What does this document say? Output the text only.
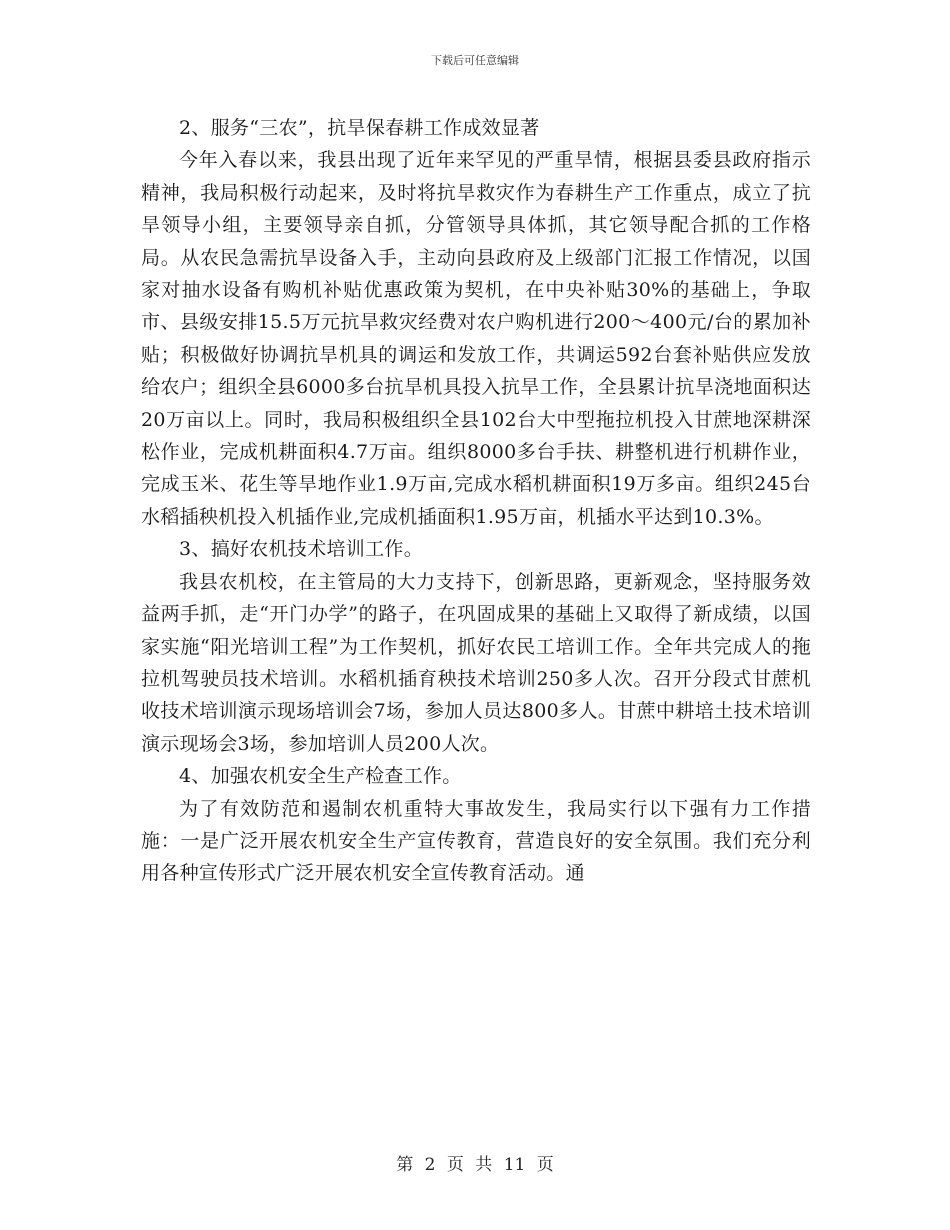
下载后可任意编辑

2、服务“三农”，抗旱保春耕工作成效显著

今年入春以来，我县出现了近年来罕见的严重旱情，根据县委县政府指示精神，我局积极行动起来，及时将抗旱救灾作为春耕生产工作重点，成立了抗旱领导小组，主要领导亲自抓，分管领导具体抓，其它领导配合抓的工作格局。从农民急需抗旱设备入手，主动向县政府及上级部门汇报工作情况，以国家对抽水设备有购机补贴优惠政策为契机，在中央补贴30%的基础上，争取市、县级安排15.5万元抗旱救灾经费对农户购机进行200～400元/台的累加补贴；积极做好协调抗旱机具的调运和发放工作，共调运592台套补贴供应发放给农户；组织全县6000多台抗旱机具投入抗旱工作，全县累计抗旱浇地面积达20万亩以上。同时，我局积极组织全县102台大中型拖拉机投入甘蔗地深耕深松作业，完成机耕面积4.7万亩。组织8000多台手扶、耕整机进行机耕作业，完成玉米、花生等旱地作业1.9万亩,完成水稻机耕面积19万多亩。组织245台水稻插秧机投入机插作业,完成机插面积1.95万亩，机插水平达到10.3%。

3、搞好农机技术培训工作。

我县农机校，在主管局的大力支持下，创新思路，更新观念，坚持服务效益两手抓，走“开门办学”的路子，在巩固成果的基础上又取得了新成绩，以国家实施“阳光培训工程”为工作契机，抓好农民工培训工作。全年共完成人的拖拉机驾驶员技术培训。水稻机插育秧技术培训250多人次。召开分段式甘蔗机收技术培训演示现场培训会7场，参加人员达800多人。甘蔗中耕培土技术培训演示现场会3场，参加培训人员200人次。

4、加强农机安全生产检查工作。

为了有效防范和遏制农机重特大事故发生，我局实行以下强有力工作措施：一是广泛开展农机安全生产宣传教育，营造良好的安全氛围。我们充分利用各种宣传形式广泛开展农机安全宣传教育活动。通

第 2 页 共 11 页
